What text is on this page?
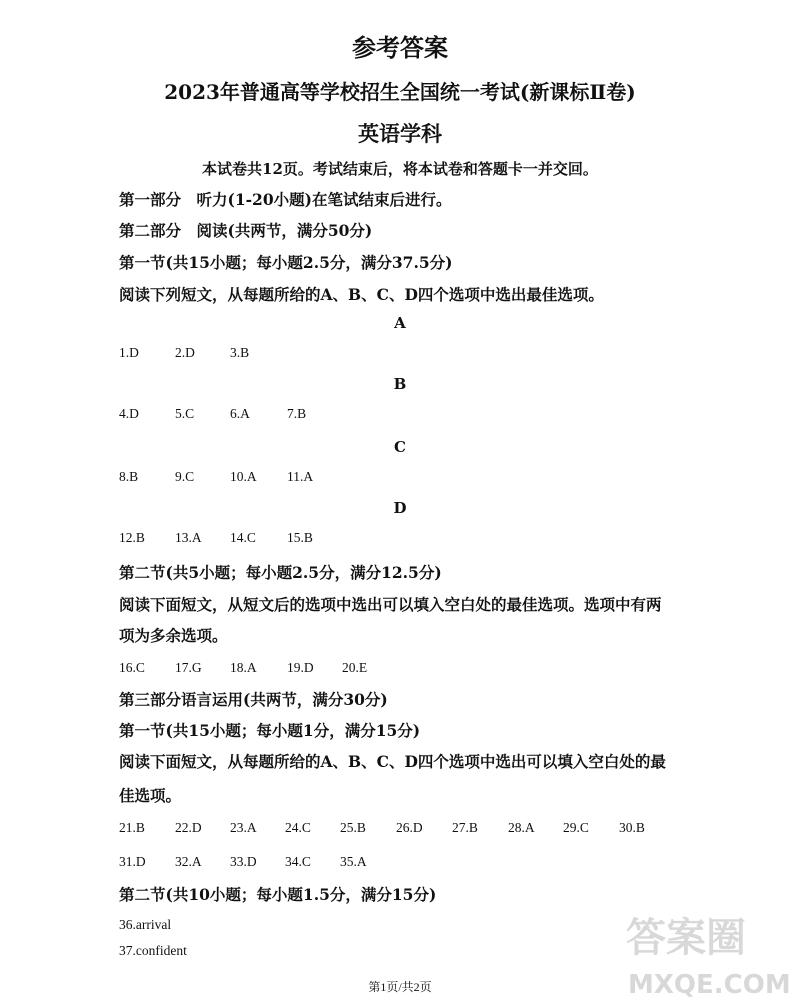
参考答案
2023年普通高等学校招生全国统一考试(新课标Ⅱ卷)
英语学科
本试卷共12页。考试结束后，将本试卷和答题卡一并交回。
第一部分　听力(1-20小题)在笔试结束后进行。
第二部分　阅读(共两节，满分50分)
第一节(共15小题；每小题2.5分，满分37.5分)
阅读下列短文，从每题所给的A、B、C、D四个选项中选出最佳选项。
A
1.D	2.D	3.B
B
4.D	5.C	6.A	7.B
C
8.B	9.C	10.A 11.A
D
12.B 13.A 14.C 15.B
第二节(共5小题；每小题2.5分，满分12.5分)
阅读下面短文，从短文后的选项中选出可以填入空白处的最佳选项。选项中有两
项为多余选项。
16.C 17.G 18.A 19.D 20.E
第三部分语言运用(共两节，满分30分)
第一节(共15小题；每小题1分，满分15分)
阅读下面短文，从每题所给的A、B、C、D四个选项中选出可以填入空白处的最
佳选项。
21.B 22.D 23.A 24.C 25.B 26.D 27.B 28.A 29.C 30.B
31.D 32.A 33.D 34.C 35.A
第二节(共10小题；每小题1.5分，满分15分)
36.arrival
37.confident
第1页/共2页
答案圈
MXQE.COM
